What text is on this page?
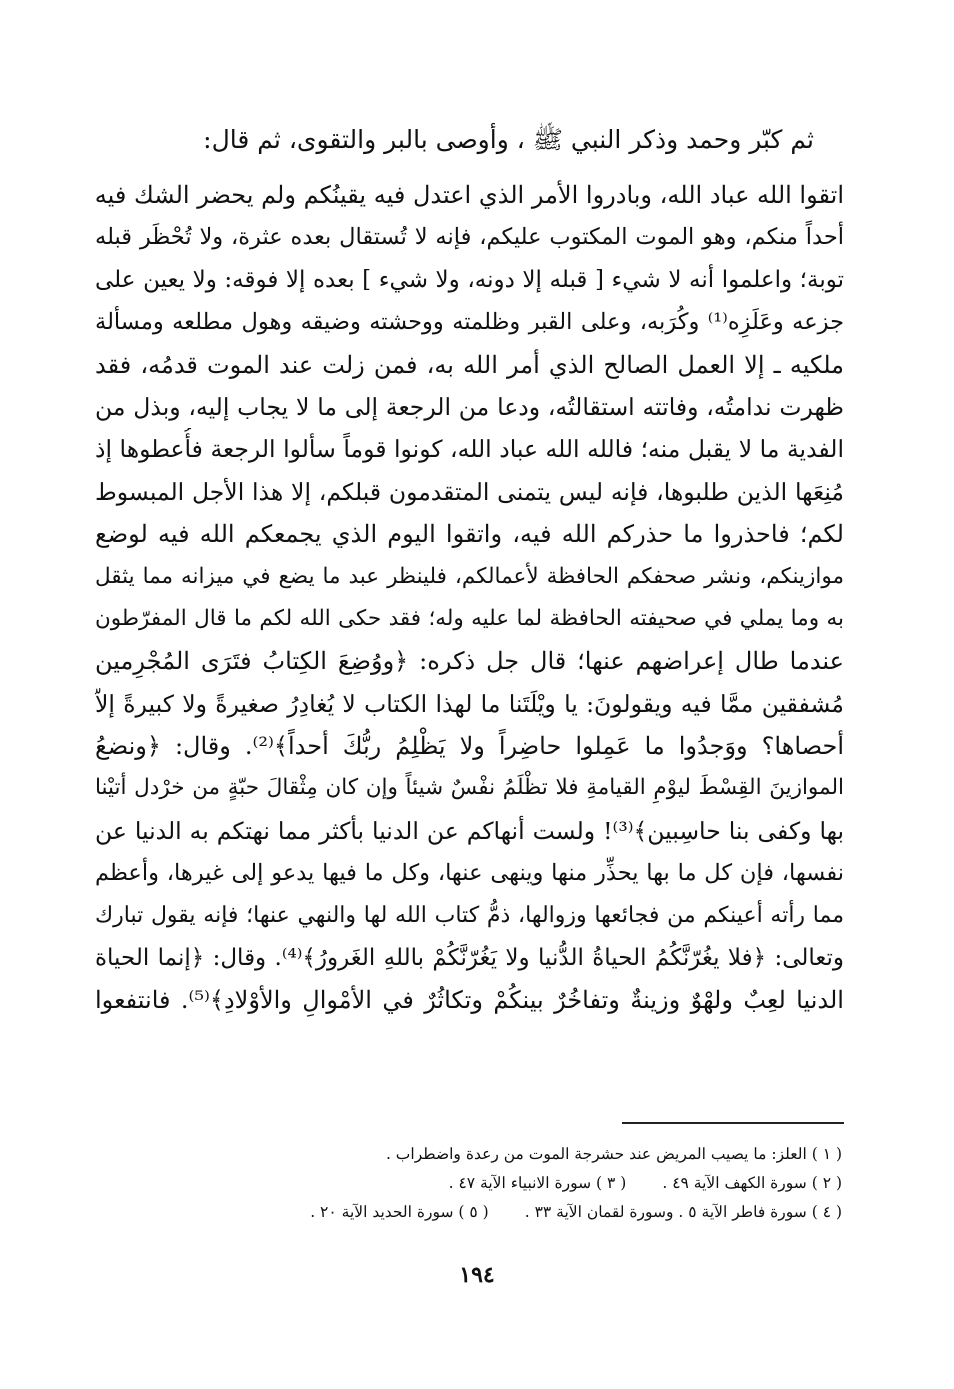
ثم كبّر وحمد وذكر النبي ﷺ ، وأوصى بالبر والتقوى، ثم قال:
اتقوا الله عباد الله، وبادروا الأمر الذي اعتدل فيه يقينُكم ولم يحضر الشك فيه
أحداً منكم، وهو الموت المكتوب عليكم، فإنه لا تُستقال بعده عثرة، ولا تُحْظَر قبله
توبة؛ واعلموا أنه لا شيء [ قبله إلا دونه، ولا شيء ] بعده إلا فوقه: ولا يعين على
جزعه وعَلَزِه⁽¹⁾ وكُرَبه، وعلى القبر وظلمته ووحشته وضيقه وهول مطلعه ومسألة
ملكيه ـ إلا العمل الصالح الذي أمر الله به، فمن زلت عند الموت قدمُه، فقد
ظهرت ندامتُه، وفاتته استقالتُه، ودعا من الرجعة إلى ما لا يجاب إليه، وبذل من
الفدية ما لا يقبل منه؛ فالله الله عباد الله، كونوا قوماً سألوا الرجعة فأُعطوها إذ
مُنِعَها الذين طلبوها، فإنه ليس يتمنى المتقدمون قبلكم، إلا هذا الأجل المبسوط
لكم؛ فاحذروا ما حذركم الله فيه، واتقوا اليوم الذي يجمعكم الله فيه لوضع
موازينكم، ونشر صحفكم الحافظة لأعمالكم، فلينظر عبد ما يضع في ميزانه مما يثقل
به وما يملي في صحيفته الحافظة لما عليه وله؛ فقد حكى الله لكم ما قال المفرّطون
عندما طال إعراضهم عنها؛ قال جل ذكره: ﴿ووُضِعَ الكِتابُ فتَرَى المُجْرِمين
مُشفقين ممَّا فيه ويقولونَ: يا ويْلَتَنا ما لهذا الكتاب لا يُغادِرُ صغيرةً ولا كبيرةً إلاّ
أحصاها؟ ووَجدُوا ما عَمِلوا حاضِراً ولا يَظْلِمُ ربُّكَ أحداً﴾⁽²⁾. وقال: ﴿ونضعُ
الموازينَ القِسْطَ ليوْمِ القيامةِ فلا تظْلَمُ نفْسٌ شيئاً وإن كان مِثْقالَ حبّةٍ من خرْدل أتيْنا
بها وكفى بنا حاسِبين﴾⁽³⁾! ولست أنهاكم عن الدنيا بأكثر مما نهتكم به الدنيا عن
نفسها، فإن كل ما بها يحذِّر منها وينهى عنها، وكل ما فيها يدعو إلى غيرها، وأعظم
مما رأته أعينكم من فجائعها وزوالها، ذمُّ كتاب الله لها والنهي عنها؛ فإنه يقول تبارك
وتعالى: ﴿فلا يغُرّنَّكُمُ الحياةُ الدُّنيا ولا يَغُرّنَّكُمْ باللهِ الغَرورُ﴾⁽⁴⁾. وقال: ﴿إنما الحياة
الدنيا لعِبٌ ولهْوٌ وزينةٌ وتفاخُرٌ بينكُمْ وتكاثُرٌ في الأمْوالِ والأوْلادِ﴾⁽⁵⁾. فانتفعوا
( ١ ) العلز: ما يصيب المريض عند حشرجة الموت من رعدة واضطراب .
( ٢ ) سورة الكهف الآية ٤٩ .
( ٣ ) سورة الانبياء الآية ٤٧ .
( ٤ ) سورة فاطر الآية ٥ . وسورة لقمان الآية ٣٣ .
( ٥ ) سورة الحديد الآية ٢٠ .
١٩٤
